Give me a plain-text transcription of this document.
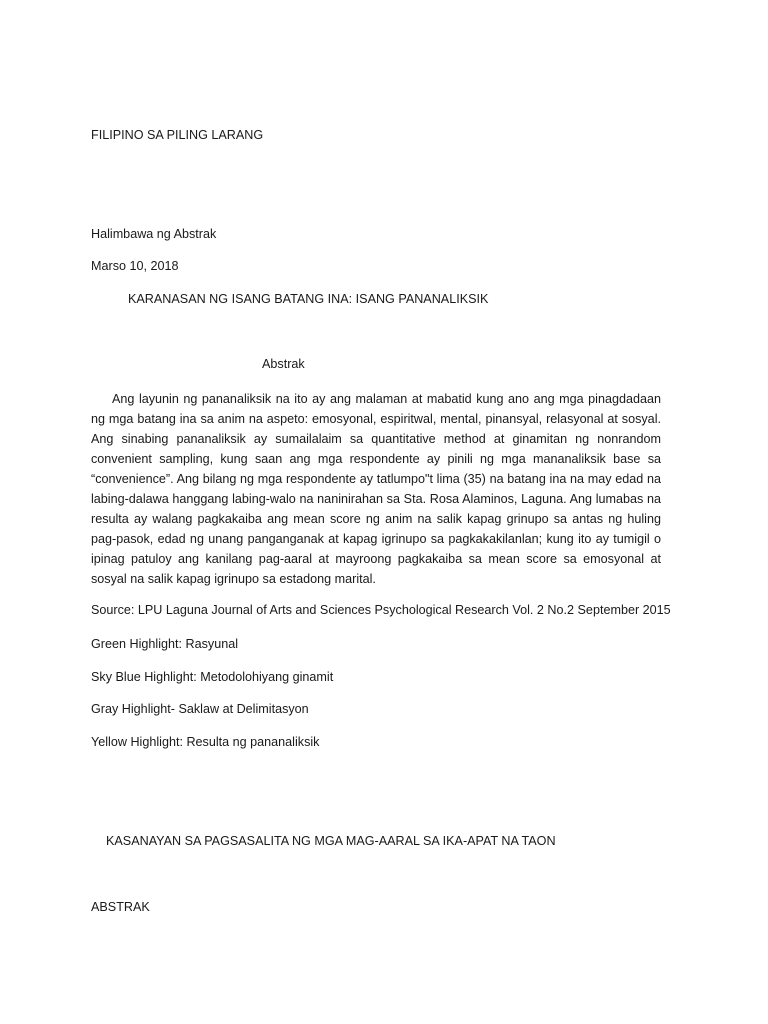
FILIPINO SA PILING LARANG
Halimbawa ng Abstrak
Marso 10, 2018
KARANASAN NG ISANG BATANG INA: ISANG PANANALIKSIK
Abstrak
Ang layunin ng pananaliksik na ito ay ang malaman at mabatid kung ano ang mga pinagdadaan ng mga batang ina sa anim na aspeto: emosyonal, espiritwal, mental, pinansyal, relasyonal at sosyal. Ang sinabing pananaliksik ay sumailalaim sa quantitative method at ginamitan ng nonrandom convenient sampling, kung saan ang mga respondente ay pinili ng mga mananaliksik base sa “convenience”. Ang bilang ng mga respondente ay tatlumpo"t lima (35) na batang ina na may edad na labing-dalawa hanggang labing-walo na naninirahan sa Sta. Rosa Alaminos, Laguna. Ang lumabas na resulta ay walang pagkakaiba ang mean score ng anim na salik kapag grinupo sa antas ng huling pag-pasok, edad ng unang panganganak at kapag igrinupo sa pagkakakilanlan; kung ito ay tumigil o ipinag patuloy ang kanilang pag-aaral at mayroong pagkakaiba sa mean score sa emosyonal at sosyal na salik kapag igrinupo sa estadong marital.
Source: LPU Laguna Journal of Arts and Sciences Psychological Research Vol. 2 No.2 September 2015
Green Highlight: Rasyunal
Sky Blue Highlight: Metodolohiyang ginamit
Gray Highlight- Saklaw at Delimitasyon
Yellow Highlight: Resulta ng pananaliksik
KASANAYAN SA PAGSASALITA NG MGA MAG-AARAL SA IKA-APAT NA TAON
ABSTRAK
